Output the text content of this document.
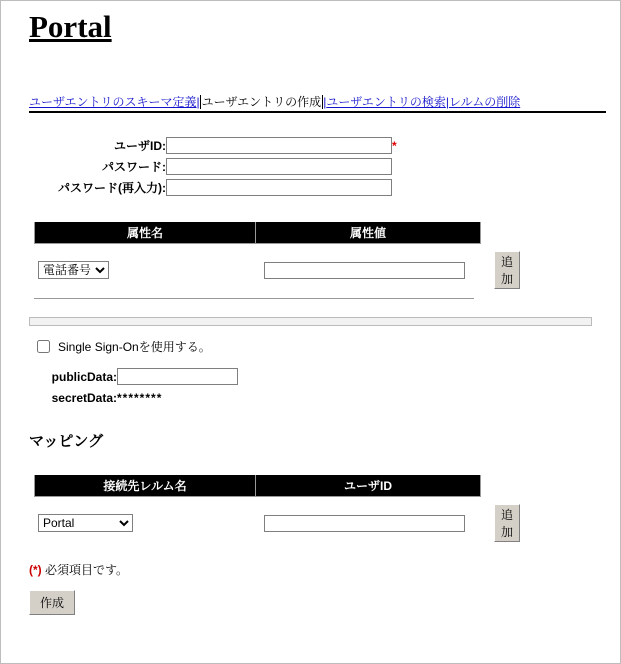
Portal
ユーザエントリのスキーマ定義| ユーザエントリの作成 |ユーザエントリの検索|レルムの削除
ユーザID:		*
パスワード:		
パスワード(再入力):		
属性名	属性値
電話番号		追加
Single Sign-Onを使用する。
publicData:	
secretData:	********
マッピング
接続先レルム名	ユーザID
Portal		追加
(*) 必須項目です。
作成
